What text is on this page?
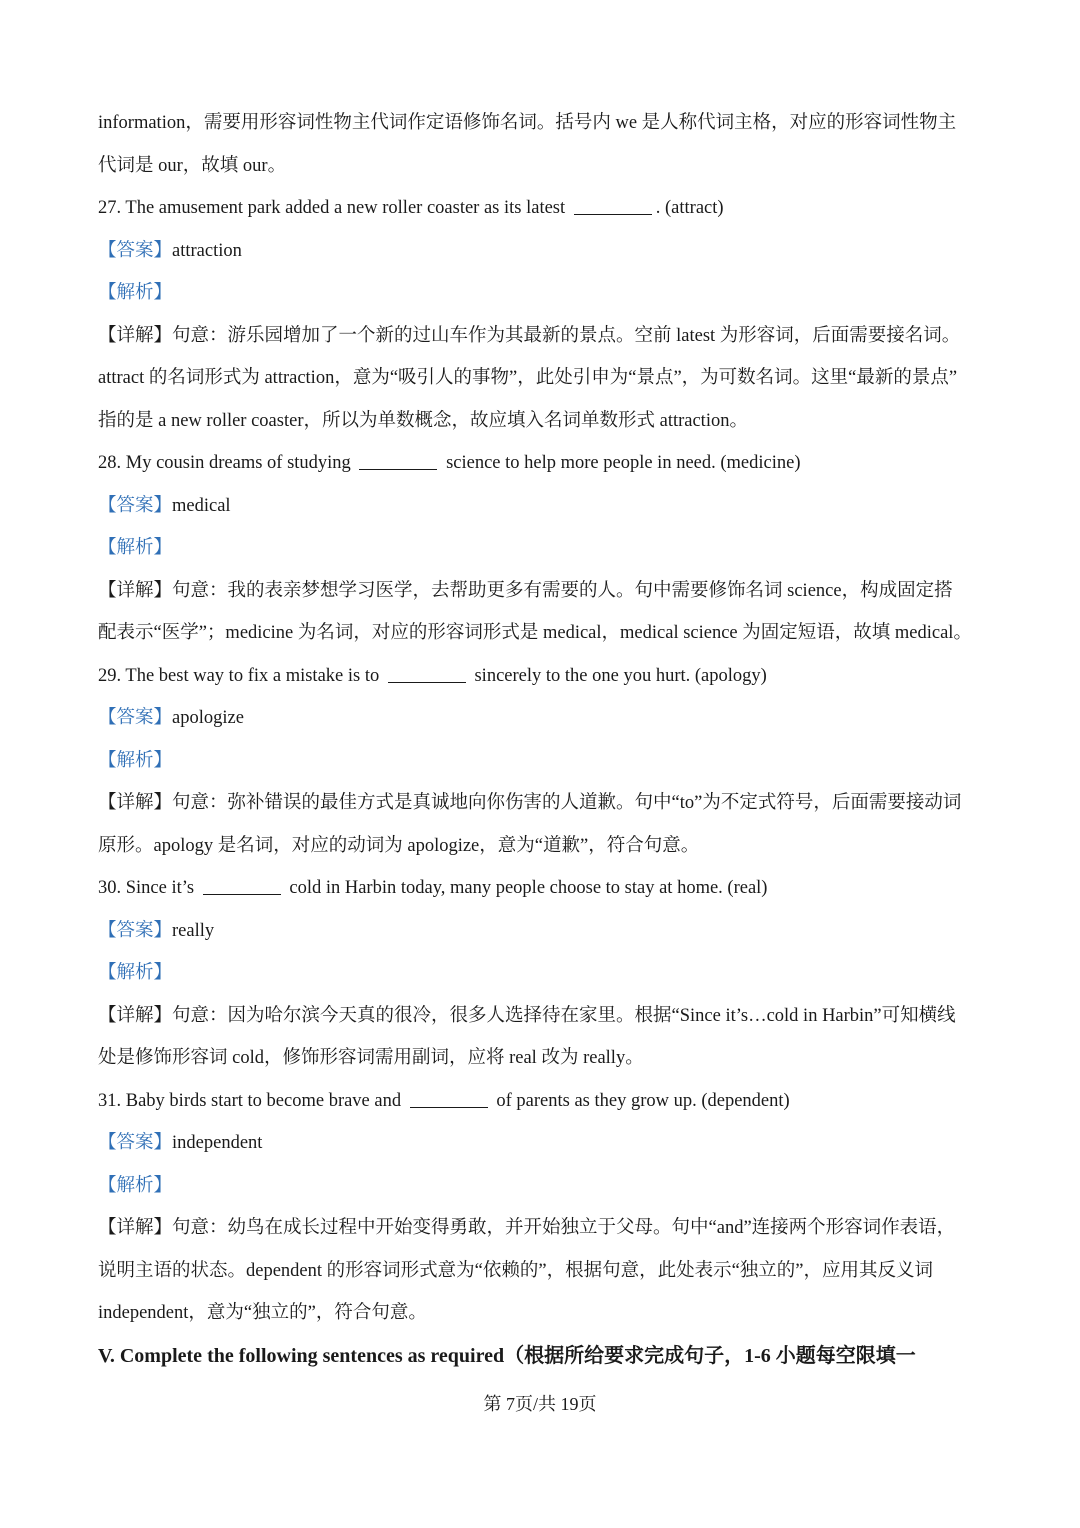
information，需要用形容词性物主代词作定语修饰名词。括号内 we 是人称代词主格，对应的形容词性物主
代词是 our，故填 our。
27. The amusement park added a new roller coaster as its latest	. (attract)
【答案】attraction
【解析】
【详解】句意：游乐园增加了一个新的过山车作为其最新的景点。空前 latest 为形容词，后面需要接名词。
attract 的名词形式为 attraction，意为“吸引人的事物”，此处引申为“景点”，为可数名词。这里“最新的景点”
指的是 a new roller coaster，所以为单数概念，故应填入名词单数形式 attraction。
28. My cousin dreams of studying	science to help more people in need. (medicine)
【答案】medical
【解析】
【详解】句意：我的表亲梦想学习医学，去帮助更多有需要的人。句中需要修饰名词 science，构成固定搭
配表示“医学”；medicine 为名词，对应的形容词形式是 medical，medical science 为固定短语，故填 medical。
29. The best way to fix a mistake is to	sincerely to the one you hurt. (apology)
【答案】apologize
【解析】
【详解】句意：弥补错误的最佳方式是真诚地向你伤害的人道歉。句中“to”为不定式符号，后面需要接动词
原形。apology 是名词，对应的动词为 apologize，意为“道歉”，符合句意。
30. Since it’s	cold in Harbin today, many people choose to stay at home. (real)
【答案】really
【解析】
【详解】句意：因为哈尔滨今天真的很冷，很多人选择待在家里。根据“Since it’s…cold in Harbin”可知横线
处是修饰形容词 cold，修饰形容词需用副词，应将 real 改为 really。
31. Baby birds start to become brave and	of parents as they grow up. (dependent)
【答案】independent
【解析】
【详解】句意：幼鸟在成长过程中开始变得勇敢，并开始独立于父母。句中“and”连接两个形容词作表语，
说明主语的状态。dependent 的形容词形式意为“依赖的”，根据句意，此处表示“独立的”，应用其反义词
independent，意为“独立的”，符合句意。
V. Complete the following sentences as required（根据所给要求完成句子，1-6 小题每空限填一
第 7页/共 19页
